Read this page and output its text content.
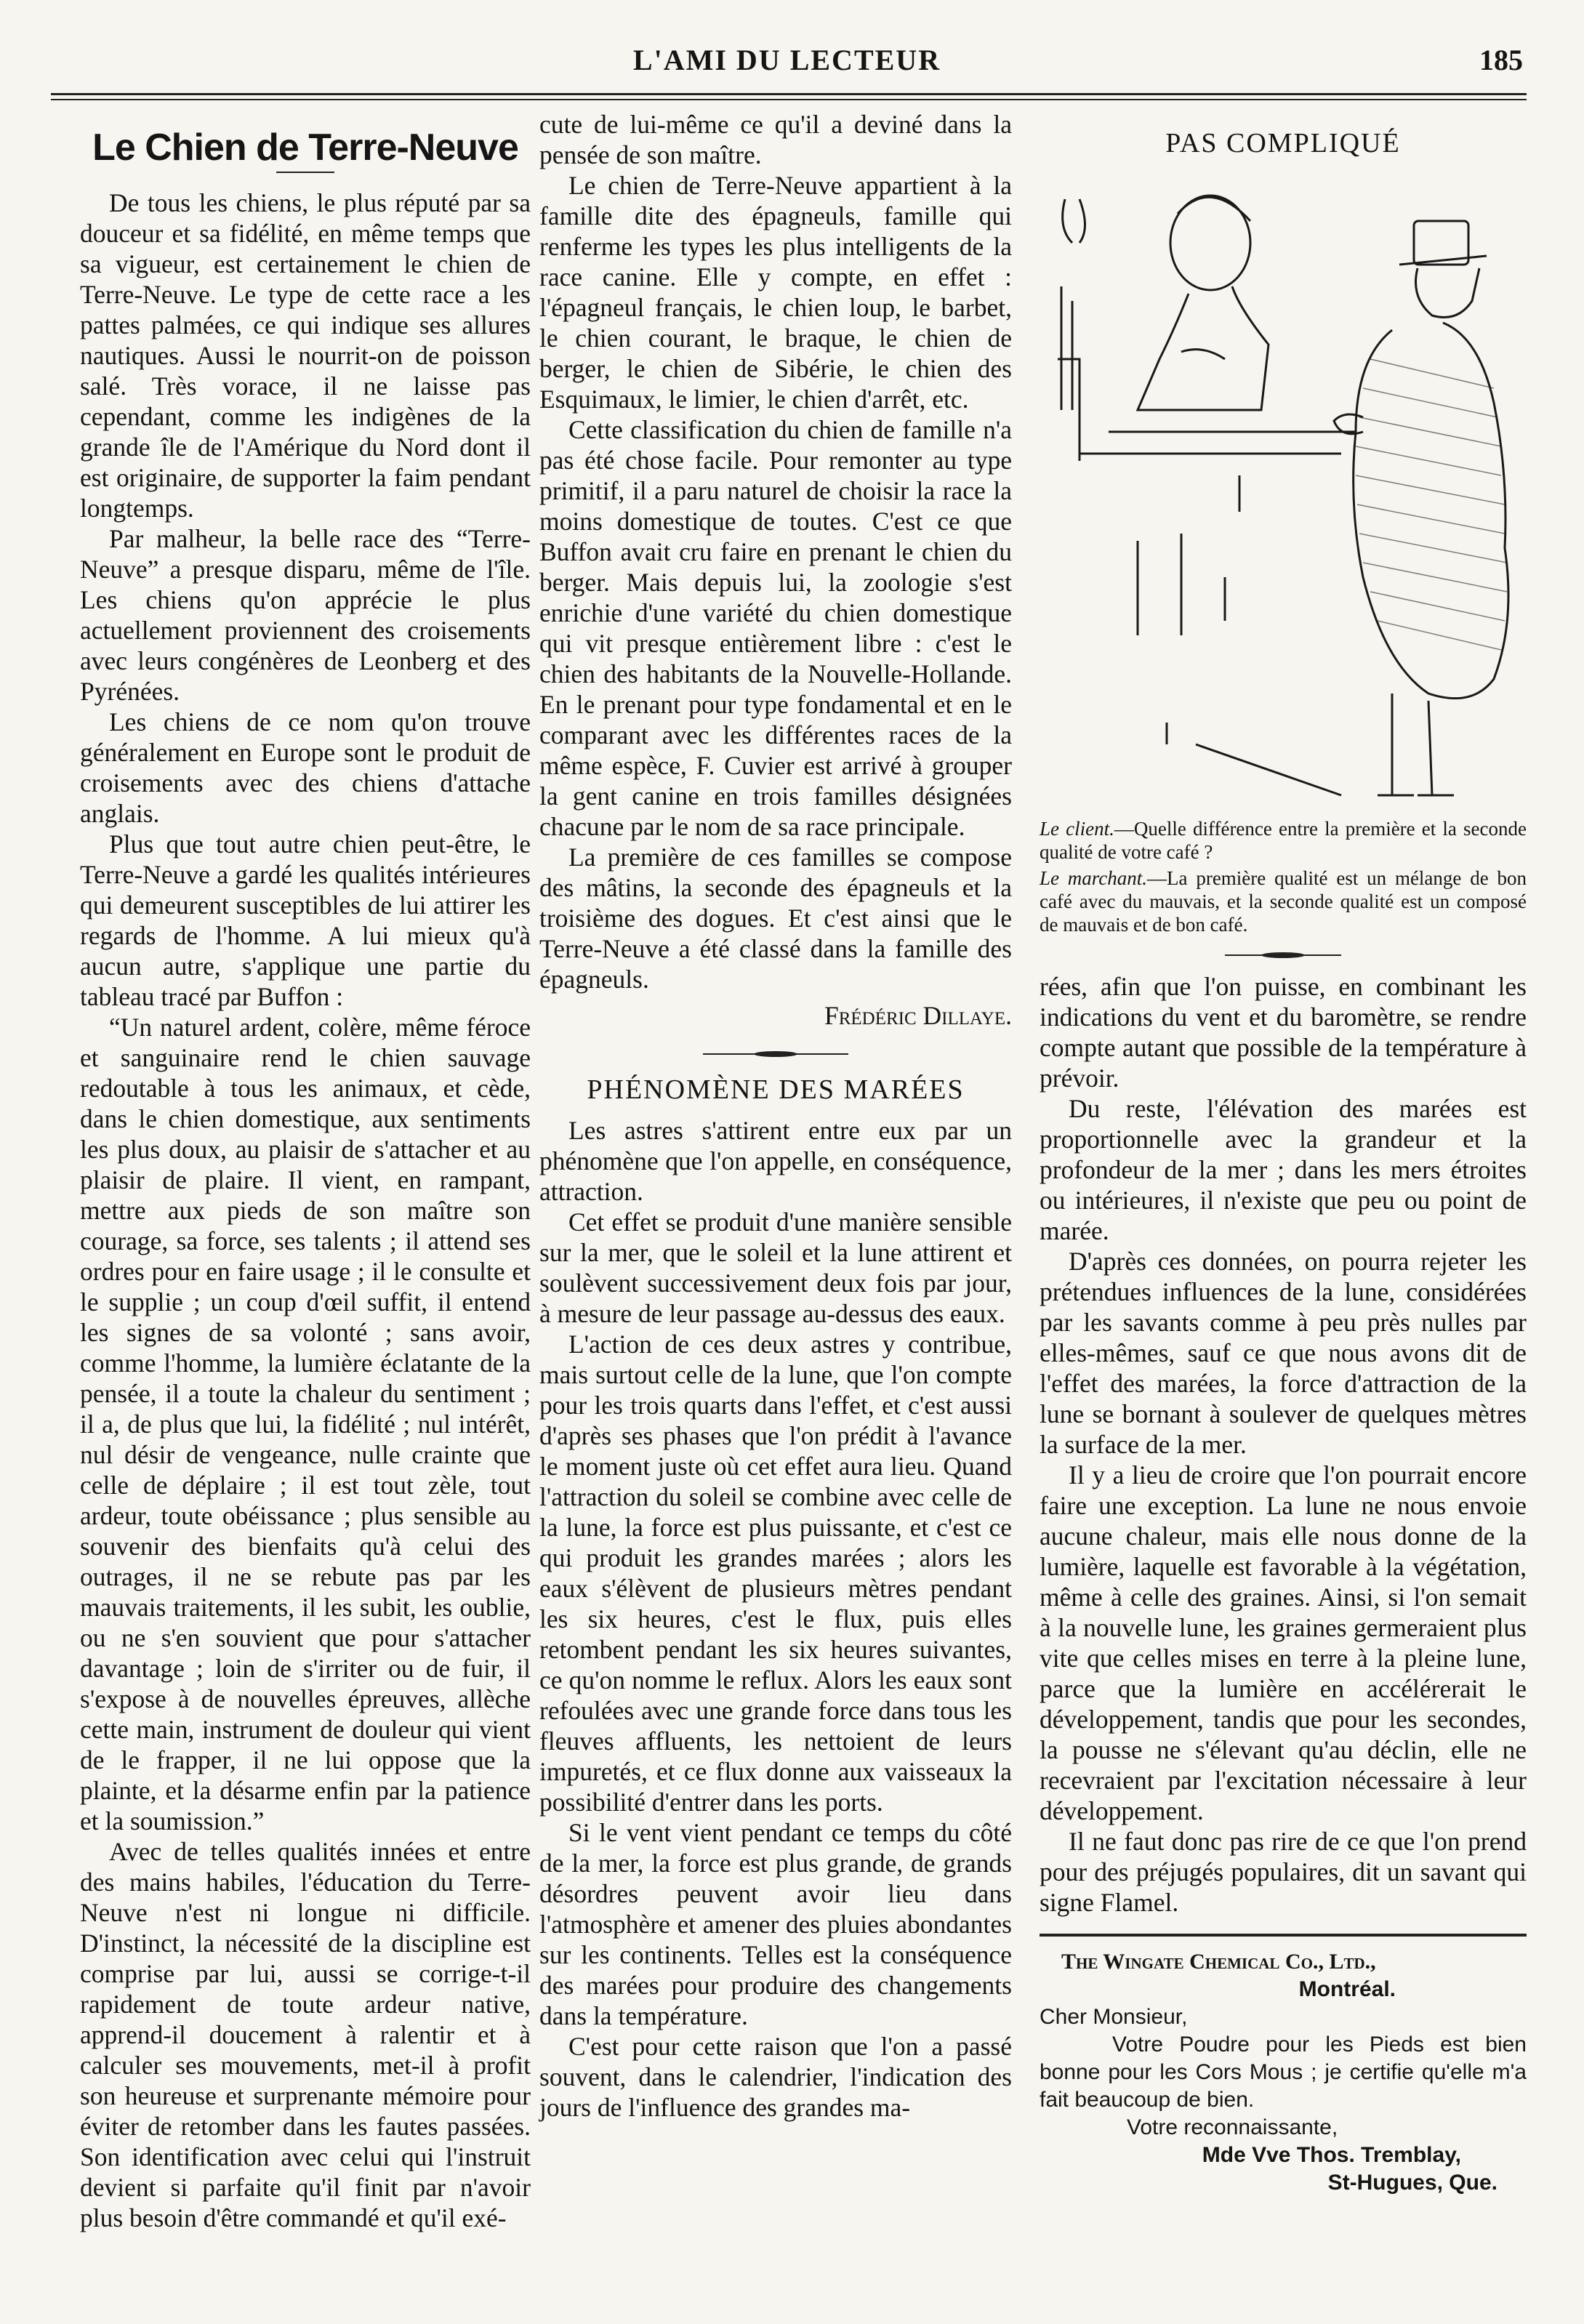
L'AMI DU LECTEUR	185
Le Chien de Terre-Neuve

De tous les chiens, le plus réputé par sa douceur et sa fidélité, en même temps que sa vigueur, est certainement le chien de Terre-Neuve. Le type de cette race a les pattes palmées, ce qui indique ses allures nautiques. Aussi le nourrit-on de poisson salé. Très vorace, il ne laisse pas cependant, comme les indigènes de la grande île de l'Amérique du Nord dont il est originaire, de supporter la faim pendant longtemps.

Par malheur, la belle race des “Terre-Neuve” a presque disparu, même de l'île. Les chiens qu'on apprécie le plus actuellement proviennent des croisements avec leurs congénères de Leonberg et des Pyrénées.

Les chiens de ce nom qu'on trouve généralement en Europe sont le produit de croisements avec des chiens d'attache anglais.

Plus que tout autre chien peut-être, le Terre-Neuve a gardé les qualités intérieures qui demeurent susceptibles de lui attirer les regards de l'homme. A lui mieux qu'à aucun autre, s'applique une partie du tableau tracé par Buffon :

“Un naturel ardent, colère, même féroce et sanguinaire rend le chien sauvage redoutable à tous les animaux, et cède, dans le chien domestique, aux sentiments les plus doux, au plaisir de s'attacher et au plaisir de plaire. Il vient, en rampant, mettre aux pieds de son maître son courage, sa force, ses talents ; il attend ses ordres pour en faire usage ; il le consulte et le supplie ; un coup d'œil suffit, il entend les signes de sa volonté ; sans avoir, comme l'homme, la lumière éclatante de la pensée, il a toute la chaleur du sentiment ; il a, de plus que lui, la fidélité ; nul intérêt, nul désir de vengeance, nulle crainte que celle de déplaire ; il est tout zèle, tout ardeur, toute obéissance ; plus sensible au souvenir des bienfaits qu'à celui des outrages, il ne se rebute pas par les mauvais traitements, il les subit, les oublie, ou ne s'en souvient que pour s'attacher davantage ; loin de s'irriter ou de fuir, il s'expose à de nouvelles épreuves, allèche cette main, instrument de douleur qui vient de le frapper, il ne lui oppose que la plainte, et la désarme enfin par la patience et la soumission.”

Avec de telles qualités innées et entre des mains habiles, l'éducation du Terre-Neuve n'est ni longue ni difficile. D'instinct, la nécessité de la discipline est comprise par lui, aussi se corrige-t-il rapidement de toute ardeur native, apprend-il doucement à ralentir et à calculer ses mouvements, met-il à profit son heureuse et surprenante mémoire pour éviter de retomber dans les fautes passées. Son identification avec celui qui l'instruit devient si parfaite qu'il finit par n'avoir plus besoin d'être commandé et qu'il exé-

cute de lui-même ce qu'il a deviné dans la pensée de son maître.

Le chien de Terre-Neuve appartient à la famille dite des épagneuls, famille qui renferme les types les plus intelligents de la race canine. Elle y compte, en effet : l'épagneul français, le chien loup, le barbet, le chien courant, le braque, le chien de berger, le chien de Sibérie, le chien des Esquimaux, le limier, le chien d'arrêt, etc.

Cette classification du chien de famille n'a pas été chose facile. Pour remonter au type primitif, il a paru naturel de choisir la race la moins domestique de toutes. C'est ce que Buffon avait cru faire en prenant le chien du berger. Mais depuis lui, la zoologie s'est enrichie d'une variété du chien domestique qui vit presque entièrement libre : c'est le chien des habitants de la Nouvelle-Hollande. En le prenant pour type fondamental et en le comparant avec les différentes races de la même espèce, F. Cuvier est arrivé à grouper la gent canine en trois familles désignées chacune par le nom de sa race principale.

La première de ces familles se compose des mâtins, la seconde des épagneuls et la troisième des dogues. Et c'est ainsi que le Terre-Neuve a été classé dans la famille des épagneuls.

Frédéric Dillaye.
PHÉNOMÈNE DES MARÉES

Les astres s'attirent entre eux par un phénomène que l'on appelle, en conséquence, attraction.

Cet effet se produit d'une manière sensible sur la mer, que le soleil et la lune attirent et soulèvent successivement deux fois par jour, à mesure de leur passage au-dessus des eaux.

L'action de ces deux astres y contribue, mais surtout celle de la lune, que l'on compte pour les trois quarts dans l'effet, et c'est aussi d'après ses phases que l'on prédit à l'avance le moment juste où cet effet aura lieu. Quand l'attraction du soleil se combine avec celle de la lune, la force est plus puissante, et c'est ce qui produit les grandes marées ; alors les eaux s'élèvent de plusieurs mètres pendant les six heures, c'est le flux, puis elles retombent pendant les six heures suivantes, ce qu'on nomme le reflux. Alors les eaux sont refoulées avec une grande force dans tous les fleuves affluents, les nettoient de leurs impuretés, et ce flux donne aux vaisseaux la possibilité d'entrer dans les ports.

Si le vent vient pendant ce temps du côté de la mer, la force est plus grande, de grands désordres peuvent avoir lieu dans l'atmosphère et amener des pluies abondantes sur les continents. Telles est la conséquence des marées pour produire des changements dans la température.

C'est pour cette raison que l'on a passé souvent, dans le calendrier, l'indication des jours de l'influence des grandes ma-

PAS COMPLIQUÉ
Le client.—Quelle différence entre la première et la seconde qualité de votre café ?
Le marchant.—La première qualité est un mélange de bon café avec du mauvais, et la seconde qualité est un composé de mauvais et de bon café.

rées, afin que l'on puisse, en combinant les indications du vent et du baromètre, se rendre compte autant que possible de la température à prévoir.

Du reste, l'élévation des marées est proportionnelle avec la grandeur et la profondeur de la mer ; dans les mers étroites ou intérieures, il n'existe que peu ou point de marée.

D'après ces données, on pourra rejeter les prétendues influences de la lune, considérées par les savants comme à peu près nulles par elles-mêmes, sauf ce que nous avons dit de l'effet des marées, la force d'attraction de la lune se bornant à soulever de quelques mètres la surface de la mer.

Il y a lieu de croire que l'on pourrait encore faire une exception. La lune ne nous envoie aucune chaleur, mais elle nous donne de la lumière, laquelle est favorable à la végétation, même à celle des graines. Ainsi, si l'on semait à la nouvelle lune, les graines germeraient plus vite que celles mises en terre à la pleine lune, parce que la lumière en accélérerait le développement, tandis que pour les secondes, la pousse ne s'élevant qu'au déclin, elle ne recevraient par l'excitation nécessaire à leur développement.

Il ne faut donc pas rire de ce que l'on prend pour des préjugés populaires, dit un savant qui signe Flamel.

The Wingate Chemical Co., Ltd.,
Montréal.
Cher Monsieur,
Votre Poudre pour les Pieds est bien bonne pour les Cors Mous ; je certifie qu'elle m'a fait beaucoup de bien.
Votre reconnaissante,
Mde Vve Thos. Tremblay,
St-Hugues, Que.
